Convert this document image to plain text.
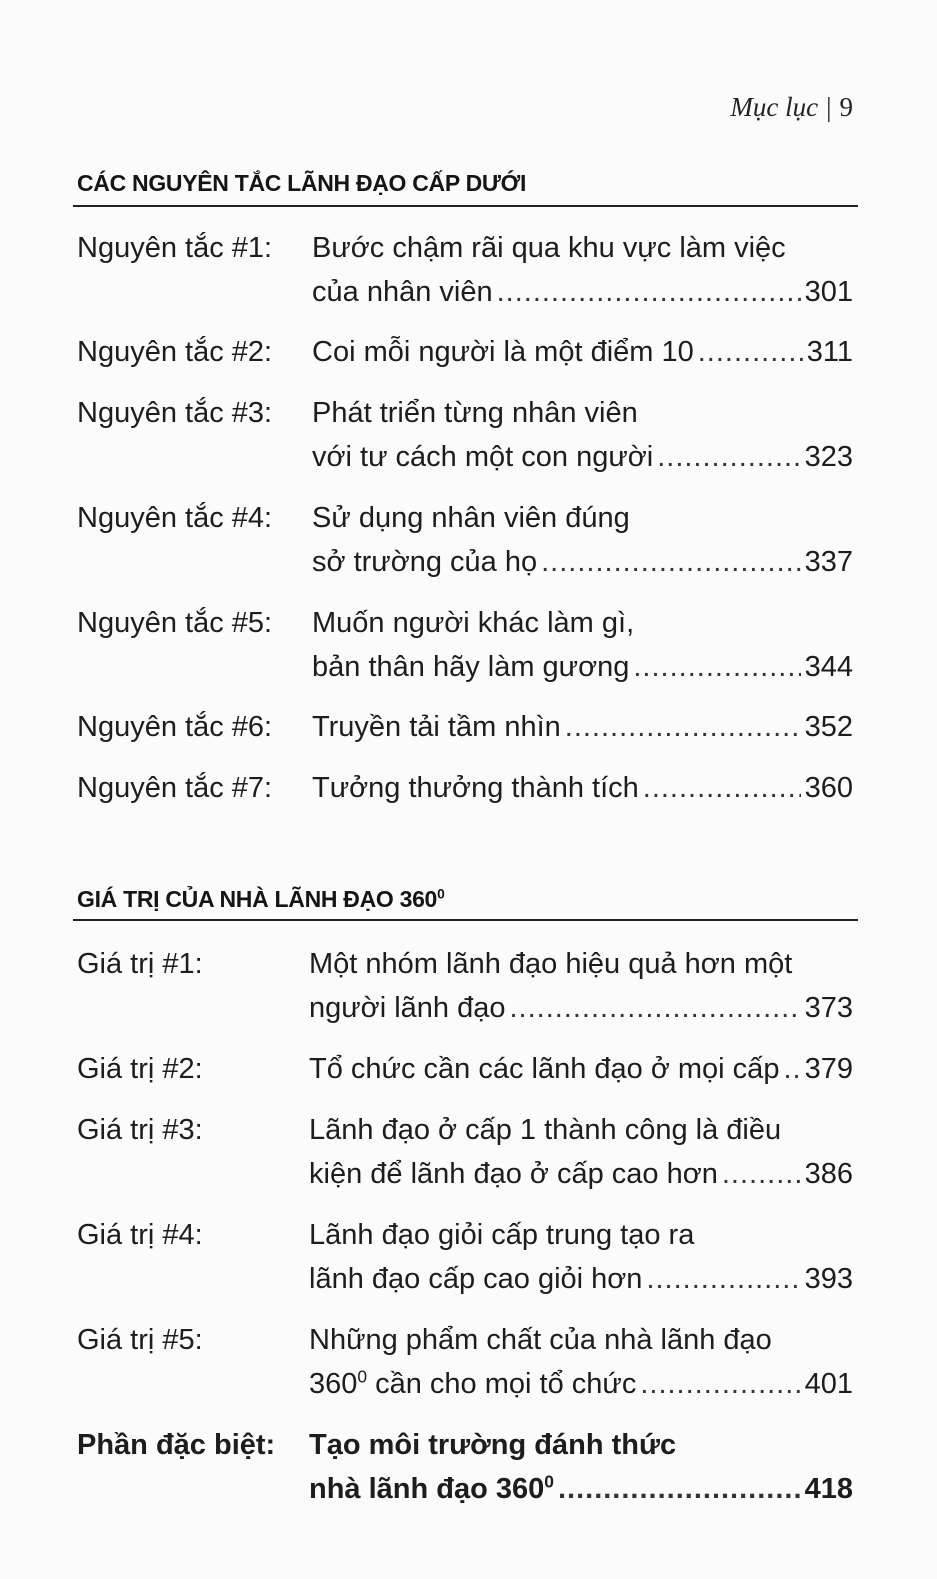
Mục lục | 9
CÁC NGUYÊN TẮC LÃNH ĐẠO CẤP DƯỚI
Nguyên tắc #1: Bước chậm rãi qua khu vực làm việc
của nhân viên .....	301
Nguyên tắc #2: Coi mỗi người là một điểm 10 .....	311
Nguyên tắc #3: Phát triển từng nhân viên
với tư cách một con người .....	323
Nguyên tắc #4: Sử dụng nhân viên đúng
sở trường của họ .....	337
Nguyên tắc #5: Muốn người khác làm gì,
bản thân hãy làm gương .....	344
Nguyên tắc #6: Truyền tải tầm nhìn .....	352
Nguyên tắc #7: Tưởng thưởng thành tích .....	360
GIÁ TRỊ CỦA NHÀ LÃNH ĐẠO $360^0$
Giá trị #1:	Một nhóm lãnh đạo hiệu quả hơn một
người lãnh đạo .....	373
Giá trị #2:	Tổ chức cần các lãnh đạo ở mọi cấp ..... 379
Giá trị #3:	Lãnh đạo ở cấp 1 thành công là điều
kiện để lãnh đạo ở cấp cao hơn .....	386
Giá trị #4:	Lãnh đạo giỏi cấp trung tạo ra
lãnh đạo cấp cao giỏi hơn .....	393
Giá trị #5:	Những phẩm chất của nhà lãnh đạo
$360^0$ cần cho mọi tổ chức .....	401
Phần đặc biệt: Tạo môi trường đánh thức
nhà lãnh đạo $360^0$ .....	418
